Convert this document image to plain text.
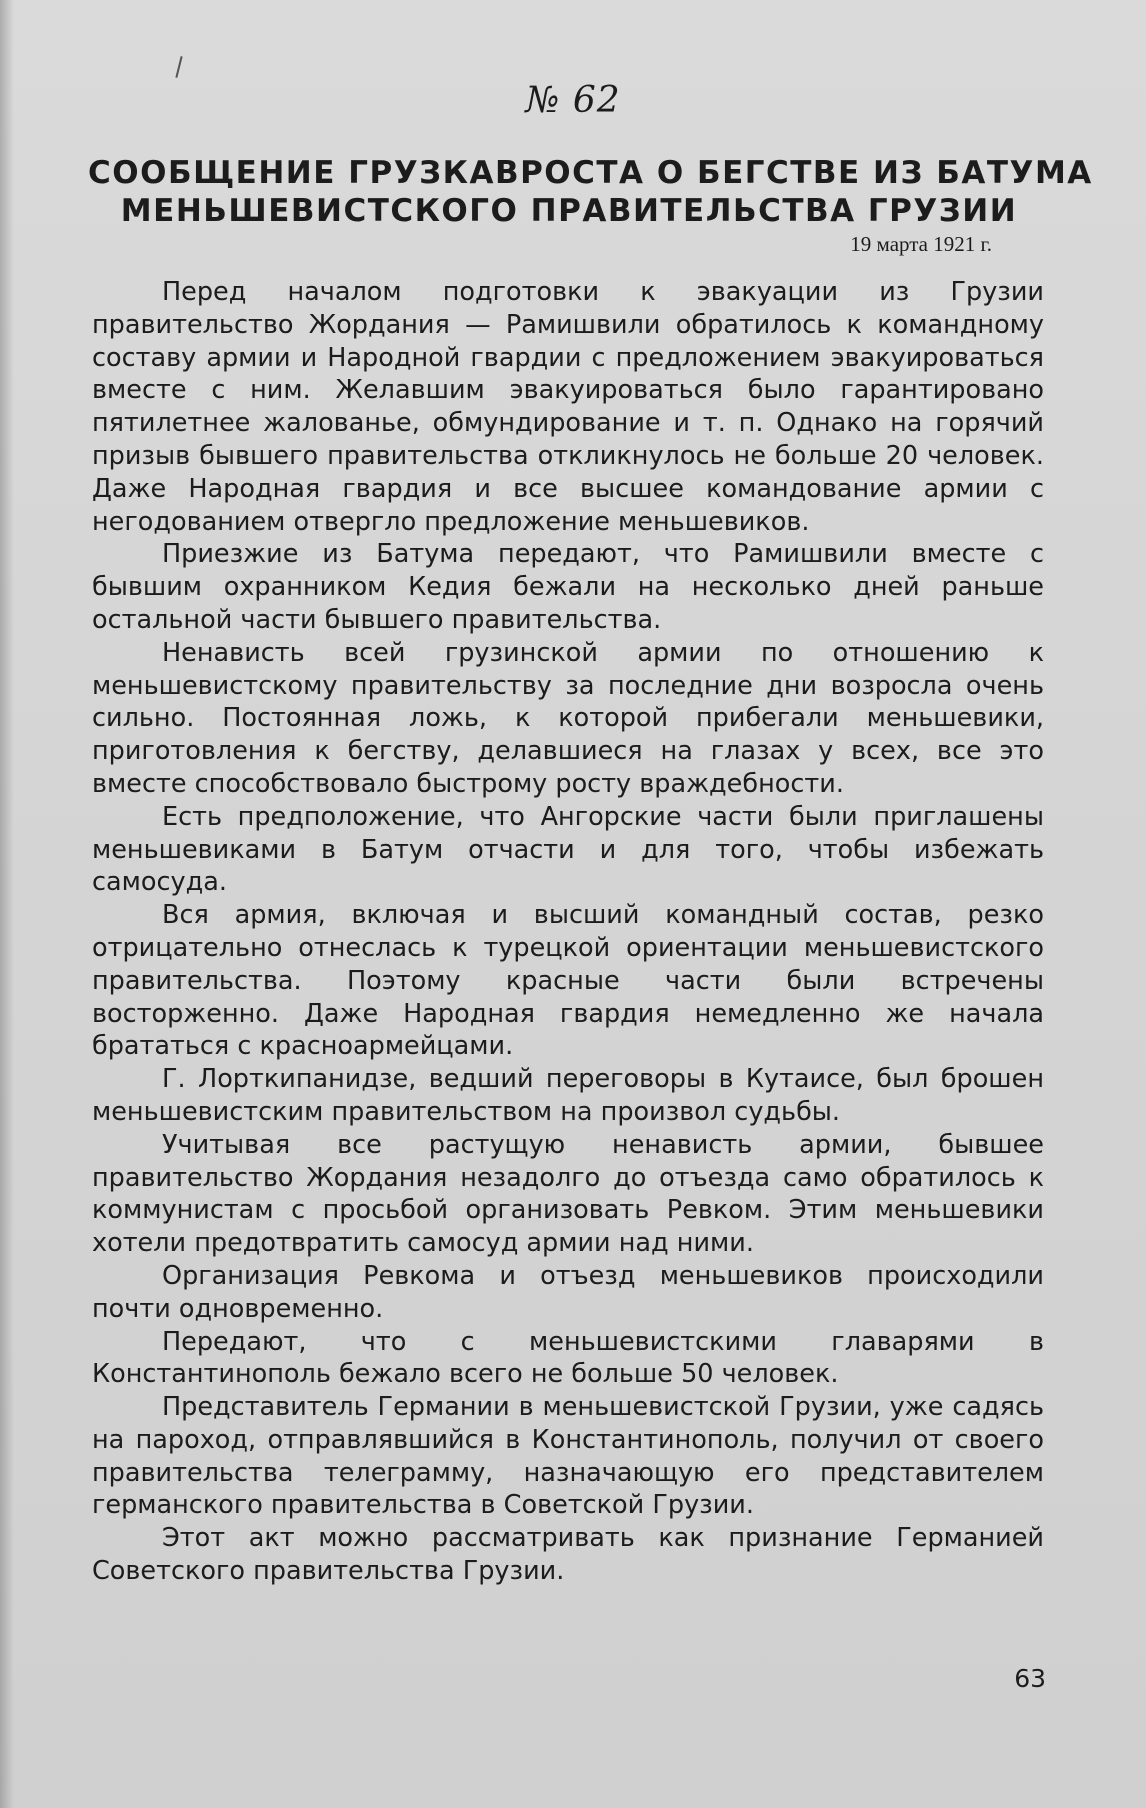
№ 62
СООБЩЕНИЕ ГРУЗКАВРОСТА О БЕГСТВЕ ИЗ БАТУМА
МЕНЬШЕВИСТСКОГО ПРАВИТЕЛЬСТВА ГРУЗИИ
19 марта 1921 г.

Перед началом подготовки к эвакуации из Грузии правительство Жордания — Рамишвили обратилось к командному составу армии и Народной гвардии с предложением эвакуироваться вместе с ним. Желавшим эвакуироваться было гарантировано пятилетнее жалованье, обмундирование и т. п. Однако на горячий призыв бывшего правительства откликнулось не больше 20 человек. Даже Народная гвардия и все высшее командование армии с негодованием отвергло предложение меньшевиков.

Приезжие из Батума передают, что Рамишвили вместе с бывшим охранником Кедия бежали на несколько дней раньше остальной части бывшего правительства.

Ненависть всей грузинской армии по отношению к меньшевистскому правительству за последние дни возросла очень сильно. Постоянная ложь, к которой прибегали меньшевики, приготовления к бегству, делавшиеся на глазах у всех, все это вместе способствовало быстрому росту враждебности.

Есть предположение, что Ангорские части были приглашены меньшевиками в Батум отчасти и для того, чтобы избежать самосуда.

Вся армия, включая и высший командный состав, резко отрицательно отнеслась к турецкой ориентации меньшевистского правительства. Поэтому красные части были встречены восторженно. Даже Народная гвардия немедленно же начала брататься с красноармейцами.

Г. Лорткипанидзе, ведший переговоры в Кутаисе, был брошен меньшевистским правительством на произвол судьбы.

Учитывая все растущую ненависть армии, бывшее правительство Жордания незадолго до отъезда само обратилось к коммунистам с просьбой организовать Ревком. Этим меньшевики хотели предотвратить самосуд армии над ними.

Организация Ревкома и отъезд меньшевиков происходили почти одновременно.

Передают, что с меньшевистскими главарями в Константинополь бежало всего не больше 50 человек.

Представитель Германии в меньшевистской Грузии, уже садясь на пароход, отправлявшийся в Константинополь, получил от своего правительства телеграмму, назначающую его представителем германского правительства в Советской Грузии.

Этот акт можно рассматривать как признание Германией Советского правительства Грузии.

63
